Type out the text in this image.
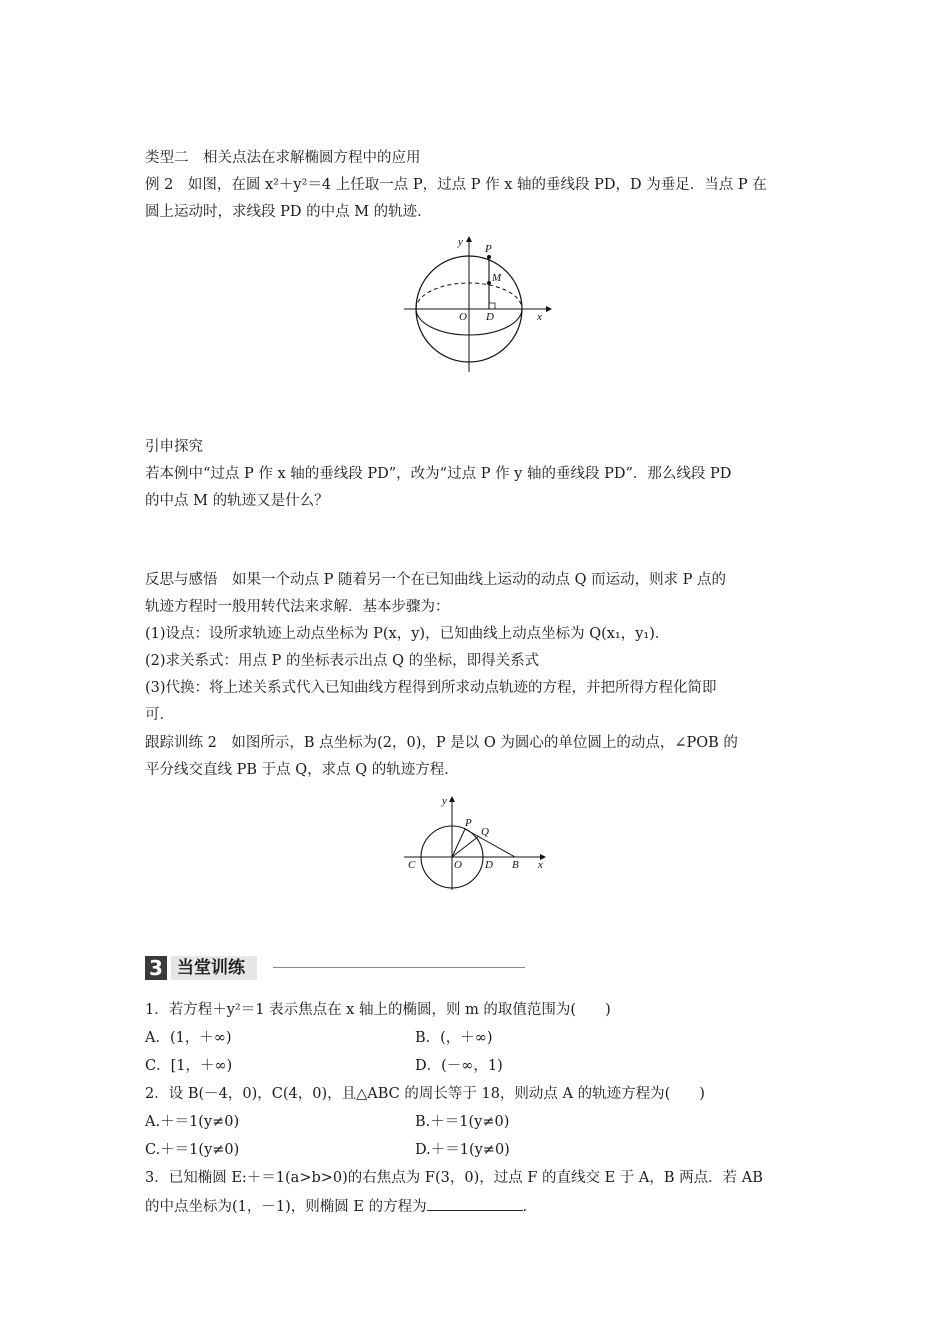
类型二　相关点法在求解椭圆方程中的应用
例 2　如图，在圆 x²＋y²＝4 上任取一点 P，过点 P 作 x 轴的垂线段 PD，D 为垂足．当点 P 在
圆上运动时，求线段 PD 的中点 M 的轨迹．
y
x
P
M
O D
引申探究
若本例中“过点 P 作 x 轴的垂线段 PD”，改为“过点 P 作 y 轴的垂线段 PD”．那么线段 PD
的中点 M 的轨迹又是什么？
反思与感悟　如果一个动点 P 随着另一个在已知曲线上运动的动点 Q 而运动，则求 P 点的
轨迹方程时一般用转代法来求解．基本步骤为：
(1)设点：设所求轨迹上动点坐标为 P(x，y)，已知曲线上动点坐标为 Q(x₁，y₁)．
(2)求关系式：用点 P 的坐标表示出点 Q 的坐标，即得关系式
(3)代换：将上述关系式代入已知曲线方程得到所求动点轨迹的方程，并把所得方程化简即
可．
跟踪训练 2　如图所示，B 点坐标为(2，0)，P 是以 O 为圆心的单位圆上的动点，∠POB 的
平分线交直线 PB 于点 Q，求点 Q 的轨迹方程．
y
x
P
Q
C	O D B
3 当堂训练
1．若方程＋y²＝1 表示焦点在 x 轴上的椭圆，则 m 的取值范围为(　　)
A．(1，＋∞)	B．(，＋∞)
C．[1，＋∞)	D．(－∞，1)
2．设 B(－4，0)，C(4，0)，且△ABC 的周长等于 18，则动点 A 的轨迹方程为(　　)
A.＋＝1(y≠0)	B.＋＝1(y≠0)
C.＋＝1(y≠0)	D.＋＝1(y≠0)
3．已知椭圆 E:＋＝1(a>b>0)的右焦点为 F(3，0)，过点 F 的直线交 E 于 A，B 两点．若 AB
的中点坐标为(1，－1)，则椭圆 E 的方程为	．
